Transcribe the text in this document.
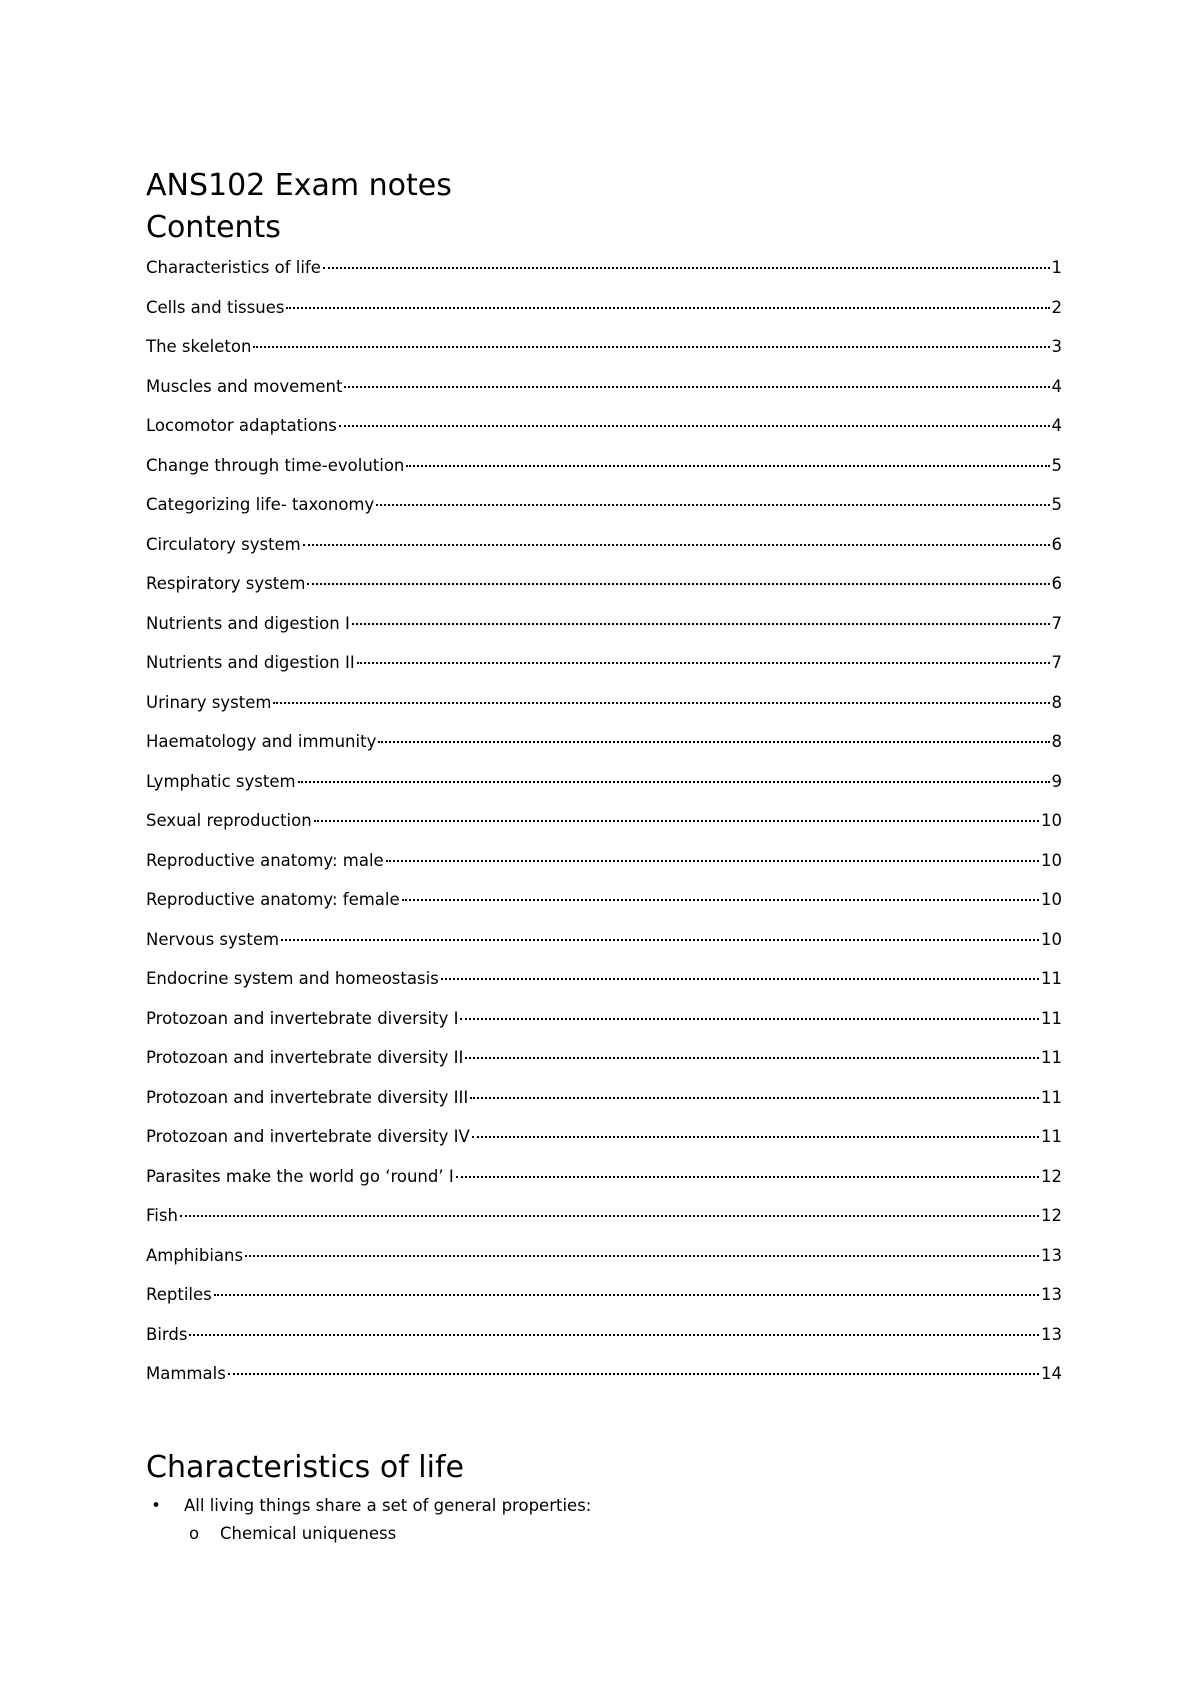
ANS102 Exam notes
Contents
Characteristics of life	1
Cells and tissues	2
The skeleton	3
Muscles and movement	4
Locomotor adaptations	4
Change through time-evolution	5
Categorizing life- taxonomy	5
Circulatory system	6
Respiratory system	6
Nutrients and digestion I	7
Nutrients and digestion II	7
Urinary system	8
Haematology and immunity	8
Lymphatic system	9
Sexual reproduction	10
Reproductive anatomy: male	10
Reproductive anatomy: female	10
Nervous system	10
Endocrine system and homeostasis	11
Protozoan and invertebrate diversity I	11
Protozoan and invertebrate diversity II	11
Protozoan and invertebrate diversity III	11
Protozoan and invertebrate diversity IV	11
Parasites make the world go ‘round’ I	12
Fish	12
Amphibians	13
Reptiles	13
Birds	13
Mammals	14
Characteristics of life
•	All living things share a set of general properties:
o	Chemical uniqueness
